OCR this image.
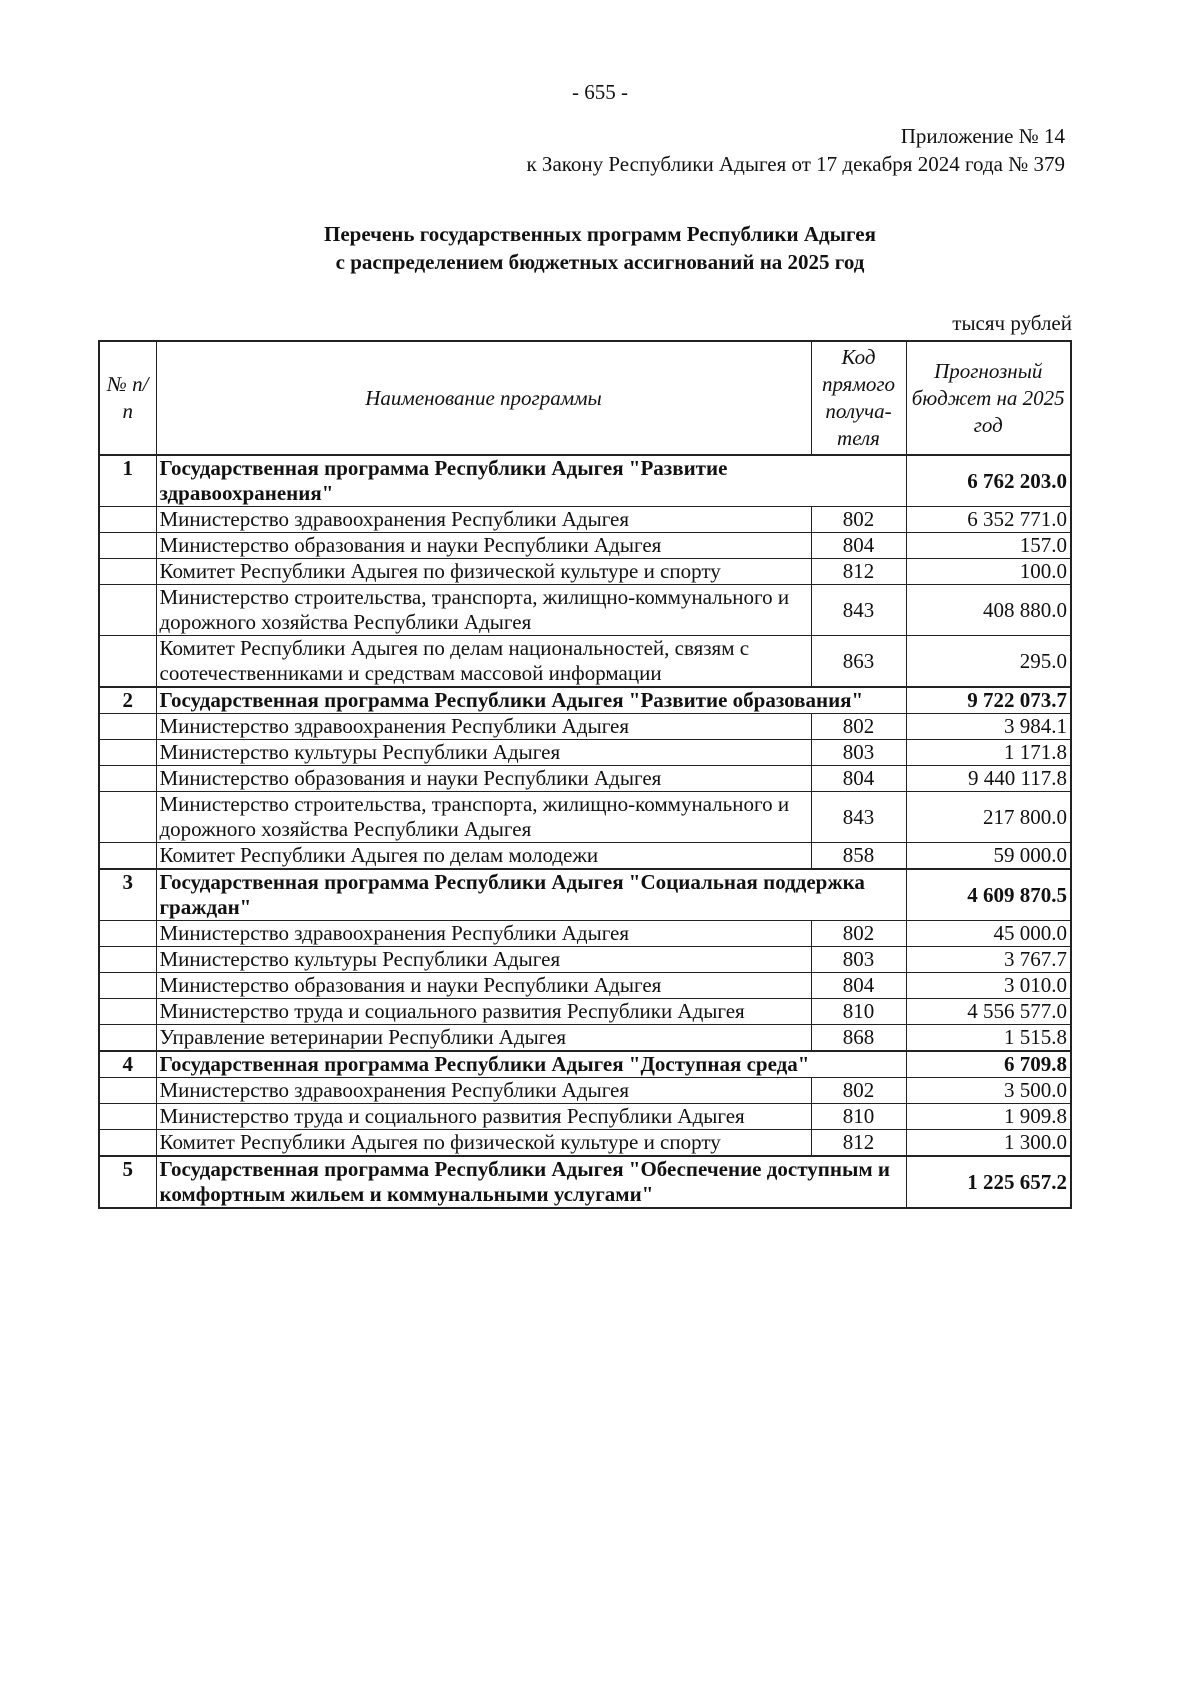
- 655 -
Приложение № 14
к Закону Республики Адыгея от 17 декабря 2024 года № 379
Перечень государственных программ Республики Адыгея
с распределением бюджетных ассигнований на 2025 год
тысяч рублей
№ п/п	Наименование программы	Код прямого получа-теля	Прогнозный бюджет на 2025 год
1	Государственная программа Республики Адыгея "Развитие здравоохранения"		6 762 203.0
	Министерство здравоохранения Республики Адыгея	802	6 352 771.0
	Министерство образования и науки Республики Адыгея	804	157.0
	Комитет Республики Адыгея по физической культуре и спорту	812	100.0
	Министерство строительства, транспорта, жилищно-коммунального и дорожного хозяйства Республики Адыгея	843	408 880.0
	Комитет Республики Адыгея по делам национальностей, связям с соотечественниками и средствам массовой информации	863	295.0
2	Государственная программа Республики Адыгея "Развитие образования"		9 722 073.7
	Министерство здравоохранения Республики Адыгея	802	3 984.1
	Министерство культуры Республики Адыгея	803	1 171.8
	Министерство образования и науки Республики Адыгея	804	9 440 117.8
	Министерство строительства, транспорта, жилищно-коммунального и дорожного хозяйства Республики Адыгея	843	217 800.0
	Комитет Республики Адыгея по делам молодежи	858	59 000.0
3	Государственная программа Республики Адыгея "Социальная поддержка граждан"		4 609 870.5
	Министерство здравоохранения Республики Адыгея	802	45 000.0
	Министерство культуры Республики Адыгея	803	3 767.7
	Министерство образования и науки Республики Адыгея	804	3 010.0
	Министерство труда и социального развития Республики Адыгея	810	4 556 577.0
	Управление ветеринарии Республики Адыгея	868	1 515.8
4	Государственная программа Республики Адыгея "Доступная среда"		6 709.8
	Министерство здравоохранения Республики Адыгея	802	3 500.0
	Министерство труда и социального развития Республики Адыгея	810	1 909.8
	Комитет Республики Адыгея по физической культуре и спорту	812	1 300.0
5	Государственная программа Республики Адыгея "Обеспечение доступным и комфортным жильем и коммунальными услугами"		1 225 657.2
